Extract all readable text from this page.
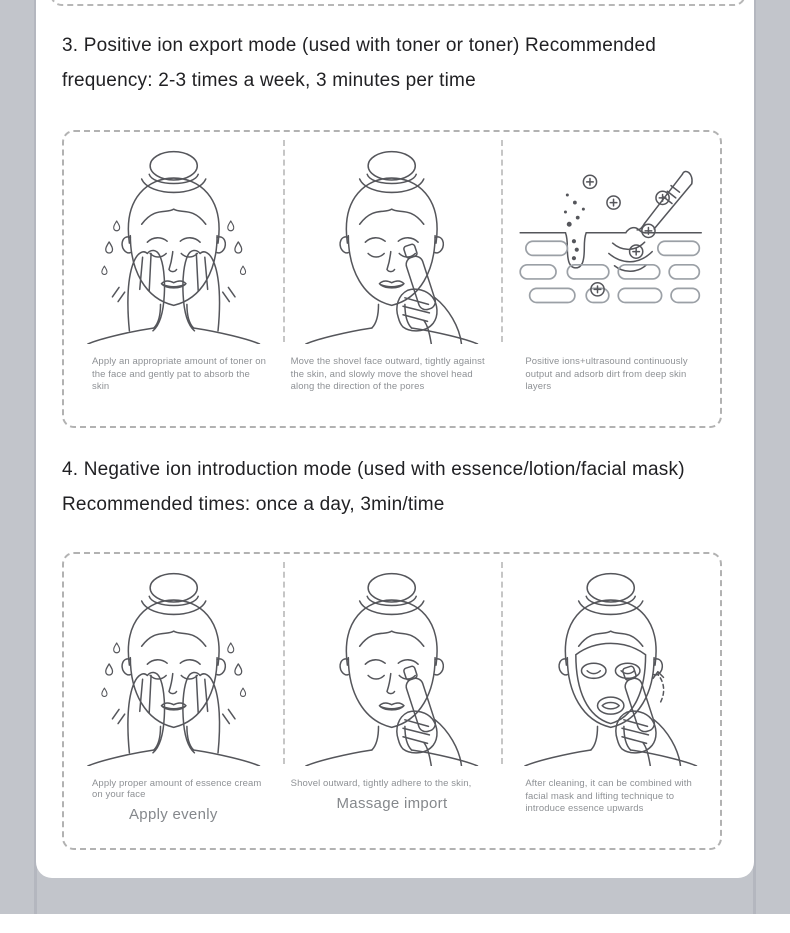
3. Positive ion export mode (used with toner or toner) Recommended
frequency: 2-3 times a week, 3 minutes per time
Apply an appropriate amount of toner on the face and gently pat to absorb the skin
Move the shovel face outward, tightly against the skin, and slowly move the shovel head along the direction of the pores
Positive ions+ultrasound continuously output and adsorb dirt from deep skin layers
4. Negative ion introduction mode (used with essence/lotion/facial mask)
Recommended times: once a day, 3min/time
Apply proper amount of essence cream on your face
Apply evenly
Shovel outward, tightly adhere to the skin,
Massage import
After cleaning, it can be combined with facial mask and lifting technique to introduce essence upwards
